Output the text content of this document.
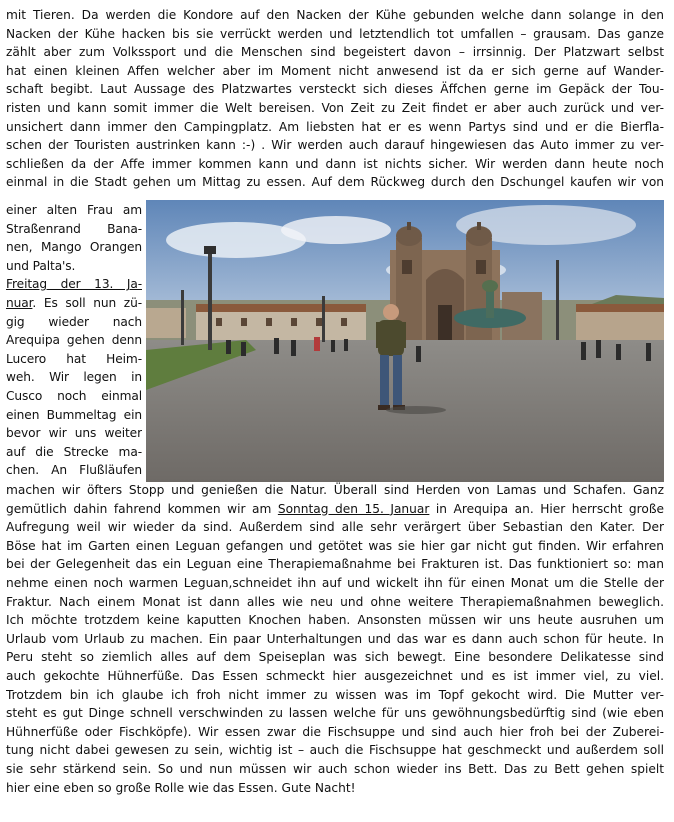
mit Tieren. Da werden die Kondore auf den Nacken der Kühe gebunden welche dann solange in den
Nacken der Kühe hacken bis sie verrückt werden und letztendlich tot umfallen – grausam. Das ganze
zählt aber zum Volkssport und die Menschen sind begeistert davon – irrsinnig. Der Platzwart selbst
hat einen kleinen Affen welcher aber im Moment nicht anwesend ist da er sich gerne auf Wander-
schaft begibt. Laut Aussage des Platzwartes versteckt sich dieses Äffchen gerne im Gepäck der Tou-
risten und kann somit immer die Welt bereisen. Von Zeit zu Zeit findet er aber auch zurück und ver-
unsichert dann immer den Campingplatz. Am liebsten hat er es wenn Partys sind und er die Bierfla-
schen der Touristen austrinken kann :-) . Wir werden auch darauf hingewiesen das Auto immer zu ver-
schließen da der Affe immer kommen kann und dann ist nichts sicher. Wir werden dann heute noch
einmal in die Stadt gehen um Mittag zu essen. Auf dem Rückweg durch den Dschungel kaufen wir von
einer alten Frau am
Straßenrand Bana-
nen, Mango Orangen
und Palta's.
Freitag der 13. Ja-
nuar. Es soll nun zü-
gig wieder nach
Arequipa gehen denn
Lucero hat Heim-
weh. Wir legen in
Cusco noch einmal
einen Bummeltag ein
bevor wir uns weiter
auf die Strecke ma-
chen. An Flußläufen
machen wir öfters Stopp und genießen die Natur. Überall sind Herden von Lamas und Schafen. Ganz
gemütlich dahin fahrend kommen wir am Sonntag den 15. Januar in Arequipa an. Hier herrscht große
Aufregung weil wir wieder da sind. Außerdem sind alle sehr verärgert über Sebastian den Kater. Der
Böse hat im Garten einen Leguan gefangen und getötet was sie hier gar nicht gut finden. Wir erfahren
bei der Gelegenheit das ein Leguan eine Therapiemaßnahme bei Frakturen ist. Das funktioniert so: man
nehme einen noch warmen Leguan,schneidet ihn auf und wickelt ihn für einen Monat um die Stelle der
Fraktur. Nach einem Monat ist dann alles wie neu und ohne weitere Therapiemaßnahmen beweglich.
Ich möchte trotzdem keine kaputten Knochen haben. Ansonsten müssen wir uns heute ausruhen um
Urlaub vom Urlaub zu machen. Ein paar Unterhaltungen und das war es dann auch schon für heute. In
Peru steht so ziemlich alles auf dem Speiseplan was sich bewegt. Eine besondere Delikatesse sind
auch gekochte Hühnerfüße. Das Essen schmeckt hier ausgezeichnet und es ist immer viel, zu viel.
Trotzdem bin ich glaube ich froh nicht immer zu wissen was im Topf gekocht wird. Die Mutter ver-
steht es gut Dinge schnell verschwinden zu lassen welche für uns gewöhnungsbedürftig sind (wie eben
Hühnerfüße oder Fischköpfe). Wir essen zwar die Fischsuppe und sind auch hier froh bei der Zuberei-
tung nicht dabei gewesen zu sein, wichtig ist – auch die Fischsuppe hat geschmeckt und außerdem soll
sie sehr stärkend sein. So und nun müssen wir auch schon wieder ins Bett. Das zu Bett gehen spielt
hier eine eben so große Rolle wie das Essen. Gute Nacht!
